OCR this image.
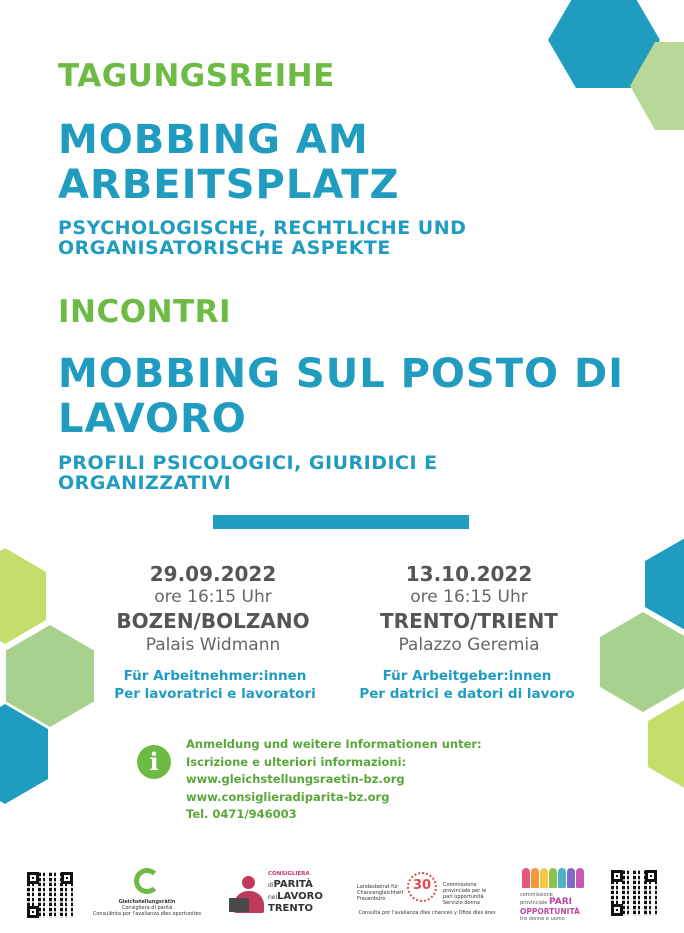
TAGUNGSREIHE
MOBBING AM ARBEITSPLATZ
PSYCHOLOGISCHE, RECHTLICHE UND ORGANISATORISCHE ASPEKTE
INCONTRI
MOBBING SUL POSTO DI LAVORO
PROFILI PSICOLOGICI, GIURIDICI E ORGANIZZATIVI
29.09.2022
ore 16:15 Uhr
BOZEN/BOLZANO
Palais Widmann
13.10.2022
ore 16:15 Uhr
TRENTO/TRIENT
Palazzo Geremia
Für Arbeitnehmer:innen
Per lavoratrici e lavoratori
Für Arbeitgeber:innen
Per datrici e datori di lavoro
i
Anmeldung und weitere Informationen unter:
Iscrizione e ulteriori informazioni:
www.gleichstellungsraetin-bz.org
www.consiglieradiparita-bz.org
Tel. 0471/946003
Gleichstellungsrätin
Consigliera di parità
Consulënta por l'avalianza dles oportunites
CONSIGLIERA
diPARITÀ
nelLAVORO
TRENTO
Landesbeirat für Chancengleichheit Frauenbüro
30	Commissione provinciale per le pari opportunità Servizio donna
Consulta por l'avalianza dles chances y Ofize dles ëres
commissione
provinciale PARI
OPPORTUNITÀ
tra donne e uomo
